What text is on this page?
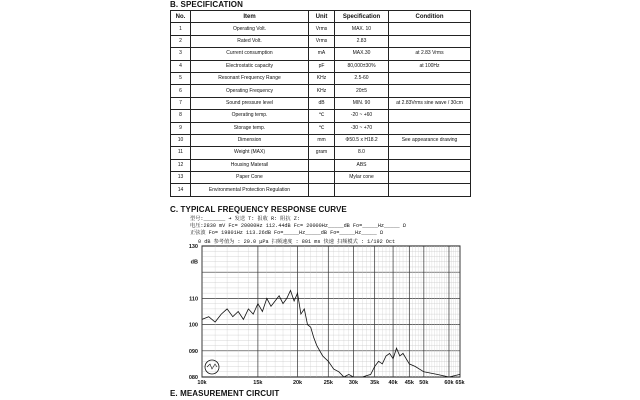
B. SPECIFICATION
No.	Item	Unit	Specification	Condition
1	Operating Volt.	Vrms	MAX. 10	
2	Rated Volt.	Vrms	2.83	
3	Current consumption	mA	MAX.30	at 2.83 Vrms
4	Electrostatic capacity	pF	80,000±30%	at 100Hz
5	Resonant Frequency Range	KHz	2.5-60	
6	Operating Frequency	KHz	20±5	
7	Sound pressure level	dB	MIN. 90	at 2.83Vrms sine wave / 30cm
8	Operating temp.	℃	-20 ~ +60	
9	Storage temp.	℃	-30 ~ +70	
10	Dimension	mm	Φ50.5 x H18.2	See appearance drawing
11	Weight (MAX)	gram	8.0	
12	Housing Materail		ABS	
13	Paper Cone		Mylar cone	
14	Environmental Protection Regulation			
C. TYPICAL FREQUENCY RESPONSE CURVE
型号:_______ ➜ 发送 T: 报收 R: 阻抗 Z:
电压:2830 mV Fc= 20000Hz 112.44dB Fc= 20000Hz_____dB Fo=_____Hz_____ Ω
正弦波 Fo= 19801Hz 113.26dB Fo=_____Hz_____dB Fo=_____Hz_____ Ω
0 dB 参考值为 : 20.0 μPa 扫频速度 : 801 ms 快速 扫频模式 : 1/192 Oct
10k	15k	20k	25k	30k 35k 40k 45k 50k	60k 65k
130
dB
110
100
090
080
E. MEASUREMENT CIRCUIT
